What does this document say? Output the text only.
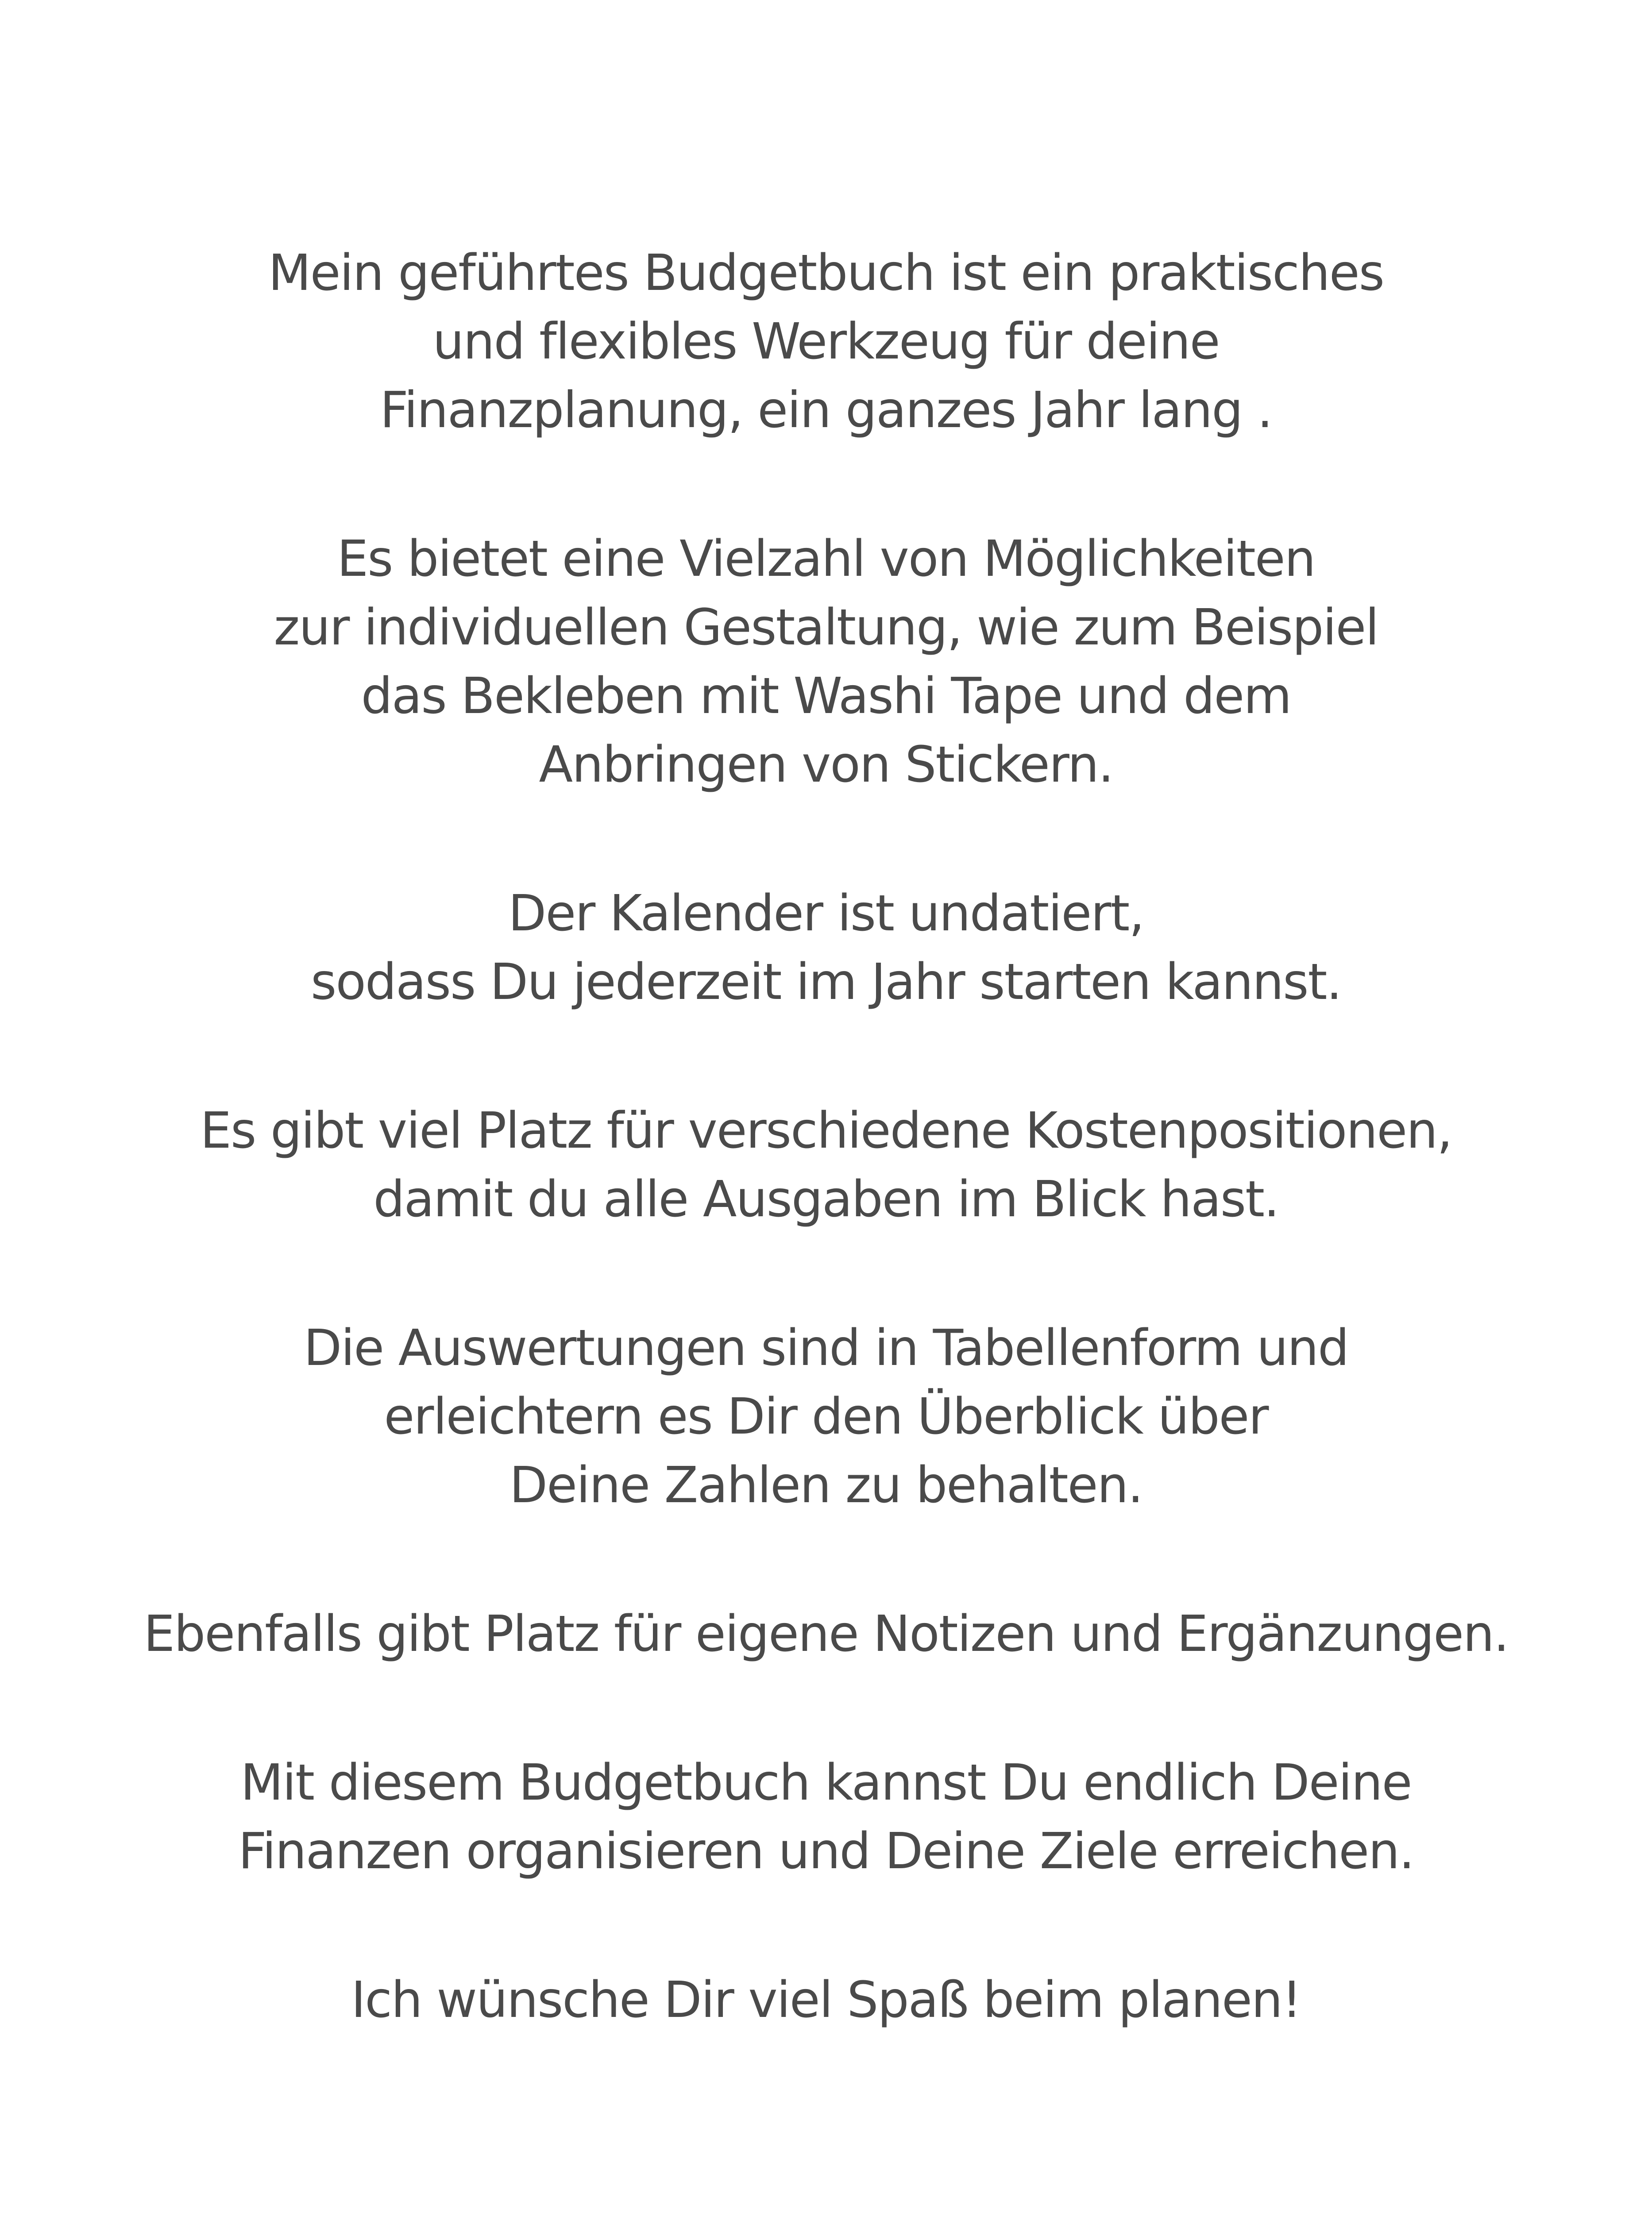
Mein geführtes Budgetbuch ist ein praktisches
und flexibles Werkzeug für deine
Finanzplanung, ein ganzes Jahr lang .

Es bietet eine Vielzahl von Möglichkeiten
zur individuellen Gestaltung, wie zum Beispiel
das Bekleben mit Washi Tape und dem
Anbringen von Stickern.

Der Kalender ist undatiert,
sodass Du jederzeit im Jahr starten kannst.

Es gibt viel Platz für verschiedene Kostenpositionen,
damit du alle Ausgaben im Blick hast.

Die Auswertungen sind in Tabellenform und
erleichtern es Dir den Überblick über
Deine Zahlen zu behalten.

Ebenfalls gibt Platz für eigene Notizen und Ergänzungen.

Mit diesem Budgetbuch kannst Du endlich Deine
Finanzen organisieren und Deine Ziele erreichen.

Ich wünsche Dir viel Spaß beim planen!
